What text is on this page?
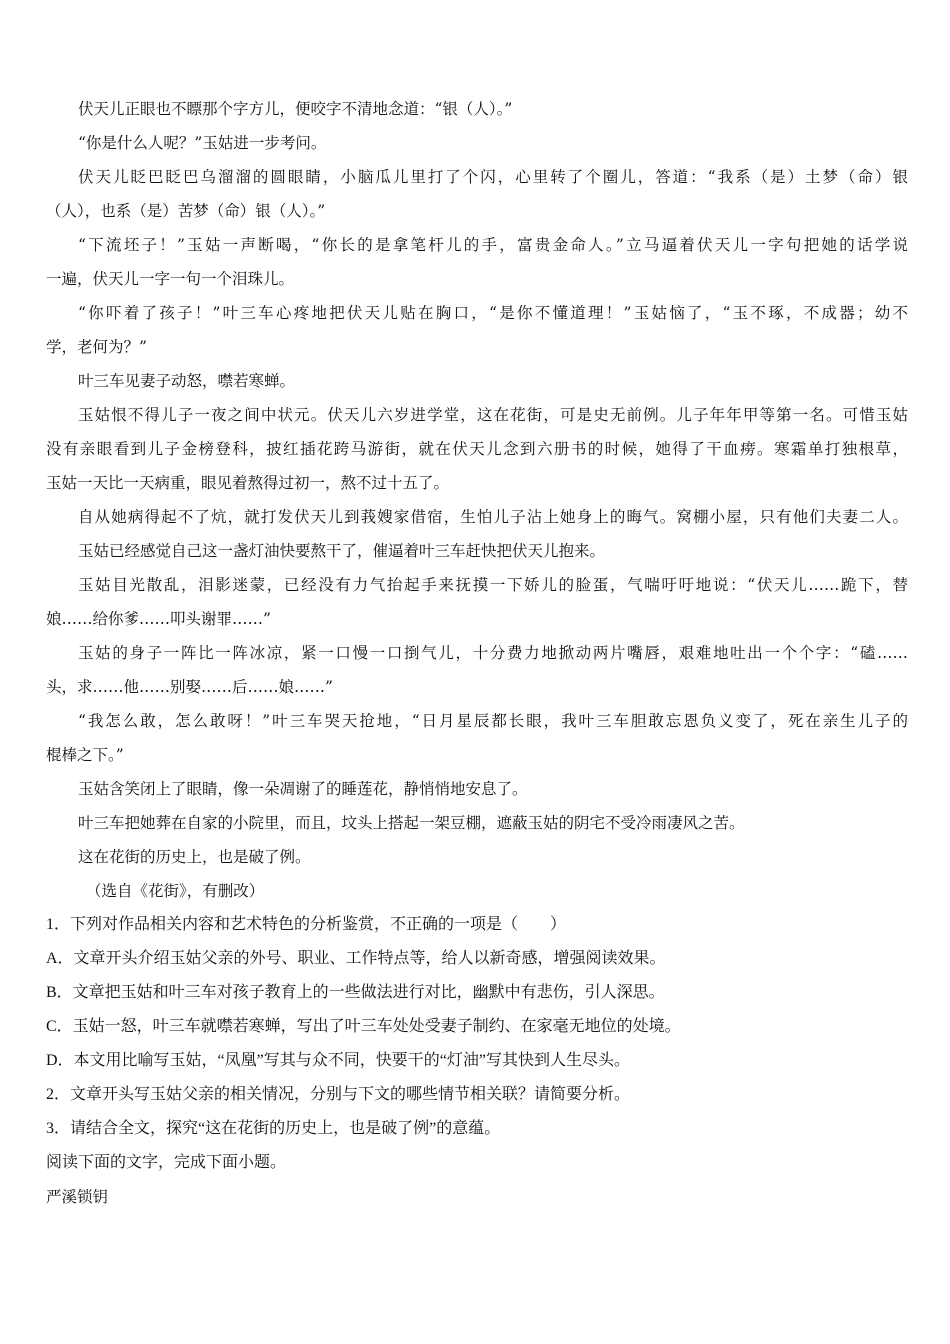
伏天儿正眼也不瞟那个字方儿，便咬字不清地念道：“银（人）。”
“你是什么人呢？”玉姑进一步考问。
伏天儿眨巴眨巴乌溜溜的圆眼睛，小脑瓜儿里打了个闪，心里转了个圈儿，答道：“我系（是）土梦（命）银
（人），也系（是）苦梦（命）银（人）。”
“下流坯子！”玉姑一声断喝，“你长的是拿笔杆儿的手，富贵金命人。”立马逼着伏天儿一字句把她的话学说
一遍，伏天儿一字一句一个泪珠儿。
“你吓着了孩子！”叶三车心疼地把伏天儿贴在胸口，“是你不懂道理！”玉姑恼了，“玉不琢，不成器；幼不
学，老何为？”
叶三车见妻子动怒，噤若寒蝉。
玉姑恨不得儿子一夜之间中状元。伏天儿六岁进学堂，这在花街，可是史无前例。儿子年年甲等第一名。可惜玉姑
没有亲眼看到儿子金榜登科，披红插花跨马游街，就在伏天儿念到六册书的时候，她得了干血痨。寒霜单打独根草，
玉姑一天比一天病重，眼见着熬得过初一，熬不过十五了。
自从她病得起不了炕，就打发伏天儿到莪嫂家借宿，生怕儿子沾上她身上的晦气。窝棚小屋，只有他们夫妻二人。
玉姑已经感觉自己这一盏灯油快要熬干了，催逼着叶三车赶快把伏天儿抱来。
玉姑目光散乱，泪影迷蒙，已经没有力气抬起手来抚摸一下娇儿的脸蛋，气喘吁吁地说：“伏天儿……跪下，替
娘……给你爹……叩头谢罪……”
玉姑的身子一阵比一阵冰凉，紧一口慢一口捯气儿，十分费力地掀动两片嘴唇，艰难地吐出一个个字：“磕……
头，求……他……别娶……后……娘……”
“我怎么敢，怎么敢呀！”叶三车哭天抢地，“日月星辰都长眼，我叶三车胆敢忘恩负义变了，死在亲生儿子的
棍棒之下。”
玉姑含笑闭上了眼睛，像一朵凋谢了的睡莲花，静悄悄地安息了。
叶三车把她葬在自家的小院里，而且，坟头上搭起一架豆棚，遮蔽玉姑的阴宅不受冷雨凄风之苦。
这在花街的历史上，也是破了例。
（选自《花街》，有删改）
1．下列对作品相关内容和艺术特色的分析鉴赏，不正确的一项是（　　）
A．文章开头介绍玉姑父亲的外号、职业、工作特点等，给人以新奇感，增强阅读效果。
B．文章把玉姑和叶三车对孩子教育上的一些做法进行对比，幽默中有悲伤，引人深思。
C．玉姑一怒，叶三车就噤若寒蝉，写出了叶三车处处受妻子制约、在家毫无地位的处境。
D．本文用比喻写玉姑，“凤凰”写其与众不同，快要干的“灯油”写其快到人生尽头。
2．文章开头写玉姑父亲的相关情况，分别与下文的哪些情节相关联？请简要分析。
3．请结合全文，探究“这在花街的历史上，也是破了例”的意蕴。
阅读下面的文字，完成下面小题。
严溪锁钥
